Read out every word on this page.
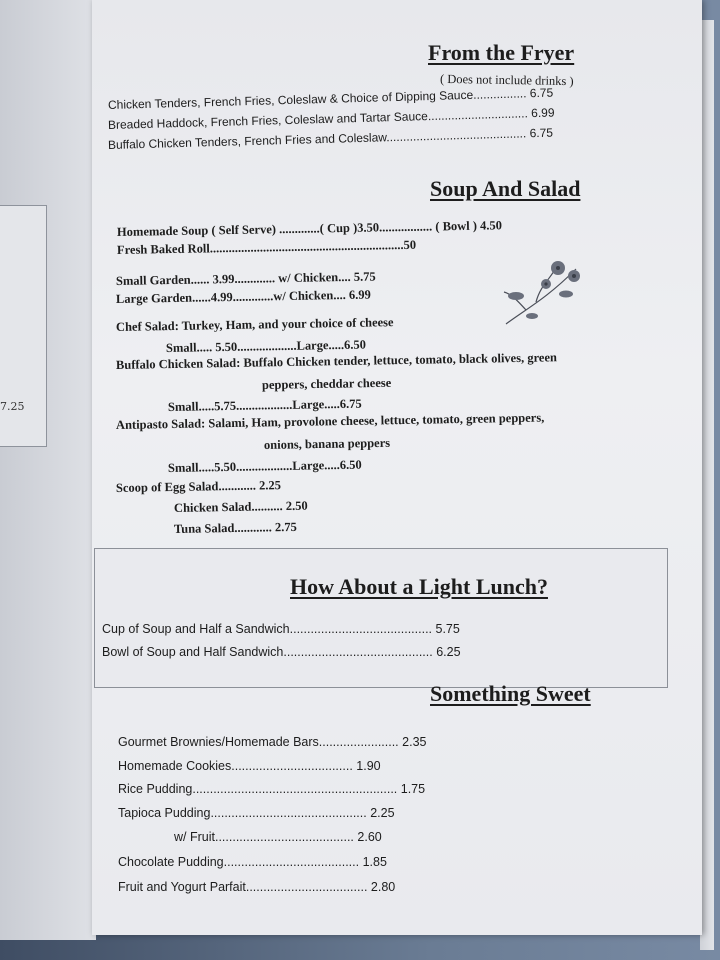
7.25
From the Fryer
( Does not include drinks )
Chicken Tenders, French Fries, Coleslaw & Choice of Dipping Sauce................ 6.75
Breaded Haddock, French Fries, Coleslaw and Tartar Sauce.............................. 6.99
Buffalo Chicken Tenders, French Fries and Coleslaw.......................................... 6.75
Soup And Salad
Homemade Soup ( Self Serve) .............( Cup )3.50................. ( Bowl ) 4.50
Fresh Baked Roll..............................................................50
Small Garden...... 3.99............. w/ Chicken.... 5.75
Large Garden......4.99.............w/ Chicken.... 6.99
Chef Salad: Turkey, Ham, and your choice of cheese
Small..... 5.50...................Large.....6.50
Buffalo Chicken Salad: Buffalo Chicken tender, lettuce, tomato, black olives, green
peppers, cheddar cheese
Small.....5.75..................Large.....6.75
Antipasto Salad: Salami, Ham, provolone cheese, lettuce, tomato, green peppers,
onions, banana peppers
Small.....5.50..................Large.....6.50
Scoop of Egg Salad............ 2.25
Chicken Salad.......... 2.50
Tuna Salad............ 2.75
How About a Light Lunch?
Cup of Soup and Half a Sandwich......................................... 5.75
Bowl of Soup and Half Sandwich........................................... 6.25
Something Sweet
Gourmet Brownies/Homemade Bars....................... 2.35
Homemade Cookies................................... 1.90
Rice Pudding........................................................... 1.75
Tapioca Pudding............................................. 2.25
w/ Fruit........................................ 2.60
Chocolate Pudding....................................... 1.85
Fruit and Yogurt Parfait................................... 2.80
